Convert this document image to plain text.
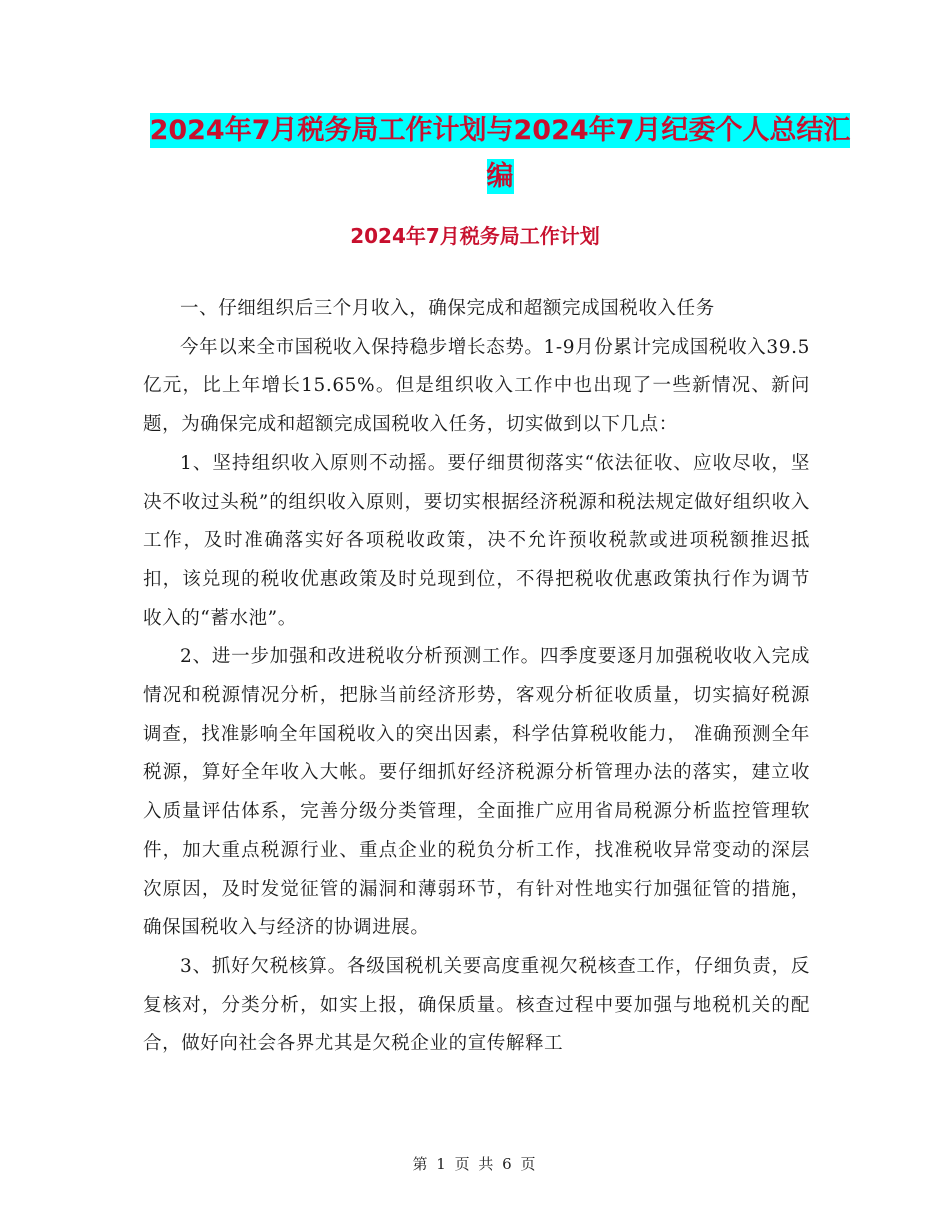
2024年7月税务局工作计划与2024年7月纪委个人总结汇编
2024年7月税务局工作计划

一、仔细组织后三个月收入，确保完成和超额完成国税收入任务

今年以来全市国税收入保持稳步增长态势。1-9月份累计完成国税收入39.5 亿元，比上年增长15.65%。但是组织收入工作中也出现了一些新情况、新问题，为确保完成和超额完成国税收入任务，切实做到以下几点：

1、坚持组织收入原则不动摇。要仔细贯彻落实“依法征收、应收尽收，坚决不收过头税”的组织收入原则，要切实根据经济税源和税法规定做好组织收入工作，及时准确落实好各项税收政策，决不允许预收税款或进项税额推迟抵扣，该兑现的税收优惠政策及时兑现到位，不得把税收优惠政策执行作为调节收入的“蓄水池”。

2、进一步加强和改进税收分析预测工作。四季度要逐月加强税收收入完成情况和税源情况分析，把脉当前经济形势，客观分析征收质量，切实搞好税源调查，找准影响全年国税收入的突出因素，科学估算税收能力， 准确预测全年税源，算好全年收入大帐。要仔细抓好经济税源分析管理办法的落实，建立收入质量评估体系，完善分级分类管理，全面推广应用省局税源分析监控管理软件，加大重点税源行业、重点企业的税负分析工作，找准税收异常变动的深层次原因，及时发觉征管的漏洞和薄弱环节，有针对性地实行加强征管的措施，确保国税收入与经济的协调进展。

3、抓好欠税核算。各级国税机关要高度重视欠税核查工作，仔细负责，反复核对，分类分析，如实上报，确保质量。核查过程中要加强与地税机关的配合，做好向社会各界尤其是欠税企业的宣传解释工

第 1 页 共 6 页
